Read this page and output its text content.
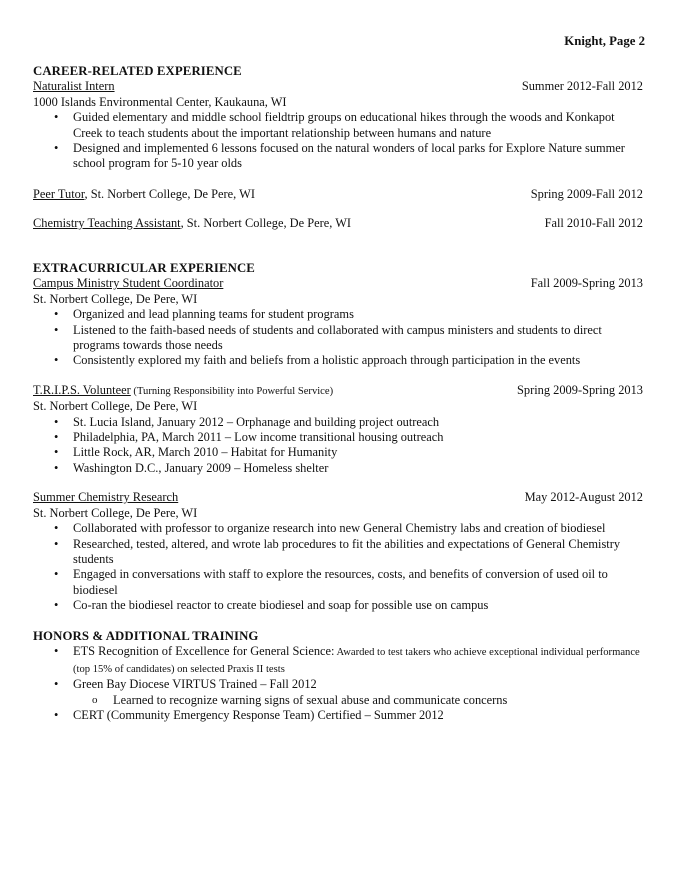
Knight, Page 2
CAREER-RELATED EXPERIENCE
Naturalist Intern	Summer 2012-Fall 2012
1000 Islands Environmental Center, Kaukauna, WI
• Guided elementary and middle school fieldtrip groups on educational hikes through the woods and Konkapot Creek to teach students about the important relationship between humans and nature
• Designed and implemented 6 lessons focused on the natural wonders of local parks for Explore Nature summer school program for 5-10 year olds
Peer Tutor, St. Norbert College, De Pere, WI	Spring 2009-Fall 2012
Chemistry Teaching Assistant, St. Norbert College, De Pere, WI	Fall 2010-Fall 2012
EXTRACURRICULAR EXPERIENCE
Campus Ministry Student Coordinator	Fall 2009-Spring 2013
St. Norbert College, De Pere, WI
• Organized and lead planning teams for student programs
• Listened to the faith-based needs of students and collaborated with campus ministers and students to direct programs towards those needs
• Consistently explored my faith and beliefs from a holistic approach through participation in the events
T.R.I.P.S. Volunteer (Turning Responsibility into Powerful Service)	Spring 2009-Spring 2013
St. Norbert College, De Pere, WI
• St. Lucia Island, January 2012 – Orphanage and building project outreach
• Philadelphia, PA, March 2011 – Low income transitional housing outreach
• Little Rock, AR, March 2010 – Habitat for Humanity
• Washington D.C., January 2009 – Homeless shelter
Summer Chemistry Research	May 2012-August 2012
St. Norbert College, De Pere, WI
• Collaborated with professor to organize research into new General Chemistry labs and creation of biodiesel
• Researched, tested, altered, and wrote lab procedures to fit the abilities and expectations of General Chemistry students
• Engaged in conversations with staff to explore the resources, costs, and benefits of conversion of used oil to biodiesel
• Co-ran the biodiesel reactor to create biodiesel and soap for possible use on campus
HONORS & ADDITIONAL TRAINING
• ETS Recognition of Excellence for General Science: Awarded to test takers who achieve exceptional individual performance (top 15% of candidates) on selected Praxis II tests
• Green Bay Diocese VIRTUS Trained – Fall 2012
o Learned to recognize warning signs of sexual abuse and communicate concerns
• CERT (Community Emergency Response Team) Certified – Summer 2012
